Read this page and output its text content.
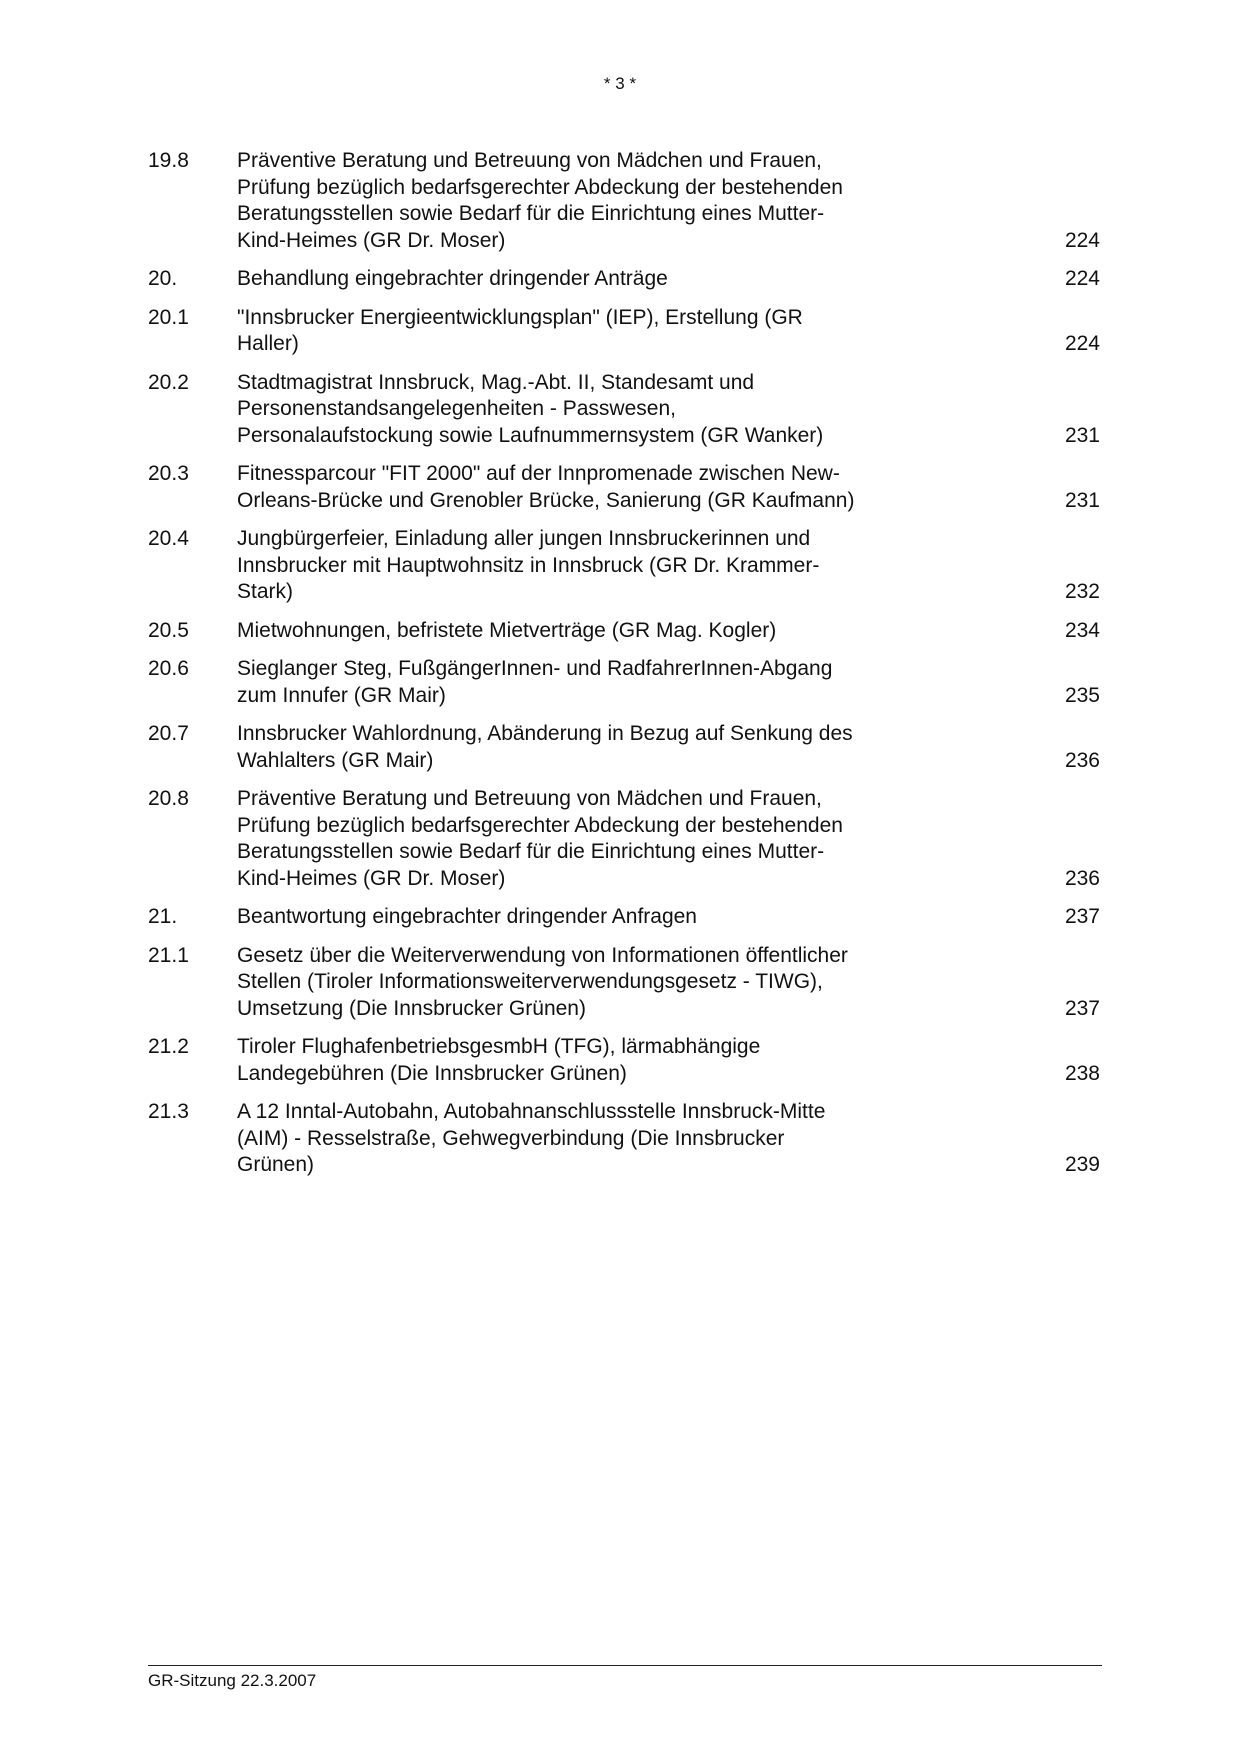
* 3 *
19.8	Präventive Beratung und Betreuung von Mädchen und Frauen,
Prüfung bezüglich bedarfsgerechter Abdeckung der bestehenden
Beratungsstellen sowie Bedarf für die Einrichtung eines Mutter-
Kind-Heimes (GR Dr. Moser)	224
20.	Behandlung eingebrachter dringender Anträge	224
20.1	"Innsbrucker Energieentwicklungsplan" (IEP), Erstellung (GR
Haller)	224
20.2	Stadtmagistrat Innsbruck, Mag.-Abt. II, Standesamt und
Personenstandsangelegenheiten - Passwesen,
Personalaufstockung sowie Laufnummernsystem (GR Wanker)	231
20.3	Fitnessparcour "FIT 2000" auf der Innpromenade zwischen New-
Orleans-Brücke und Grenobler Brücke, Sanierung (GR Kaufmann)	231
20.4	Jungbürgerfeier, Einladung aller jungen Innsbruckerinnen und
Innsbrucker mit Hauptwohnsitz in Innsbruck (GR Dr. Krammer-
Stark)	232
20.5	Mietwohnungen, befristete Mietverträge (GR Mag. Kogler)	234
20.6	Sieglanger Steg, FußgängerInnen- und RadfahrerInnen-Abgang
zum Innufer (GR Mair)	235
20.7	Innsbrucker Wahlordnung, Abänderung in Bezug auf Senkung des
Wahlalters (GR Mair)	236
20.8	Präventive Beratung und Betreuung von Mädchen und Frauen,
Prüfung bezüglich bedarfsgerechter Abdeckung der bestehenden
Beratungsstellen sowie Bedarf für die Einrichtung eines Mutter-
Kind-Heimes (GR Dr. Moser)	236
21.	Beantwortung eingebrachter dringender Anfragen	237
21.1	Gesetz über die Weiterverwendung von Informationen öffentlicher
Stellen (Tiroler Informationsweiterverwendungsgesetz - TIWG),
Umsetzung (Die Innsbrucker Grünen)	237
21.2	Tiroler FlughafenbetriebsgesmbH (TFG), lärmabhängige
Landegebühren (Die Innsbrucker Grünen)	238
21.3	A 12 Inntal-Autobahn, Autobahnanschlussstelle Innsbruck-Mitte
(AIM) - Resselstraße, Gehwegverbindung (Die Innsbrucker
Grünen)	239
GR-Sitzung 22.3.2007
